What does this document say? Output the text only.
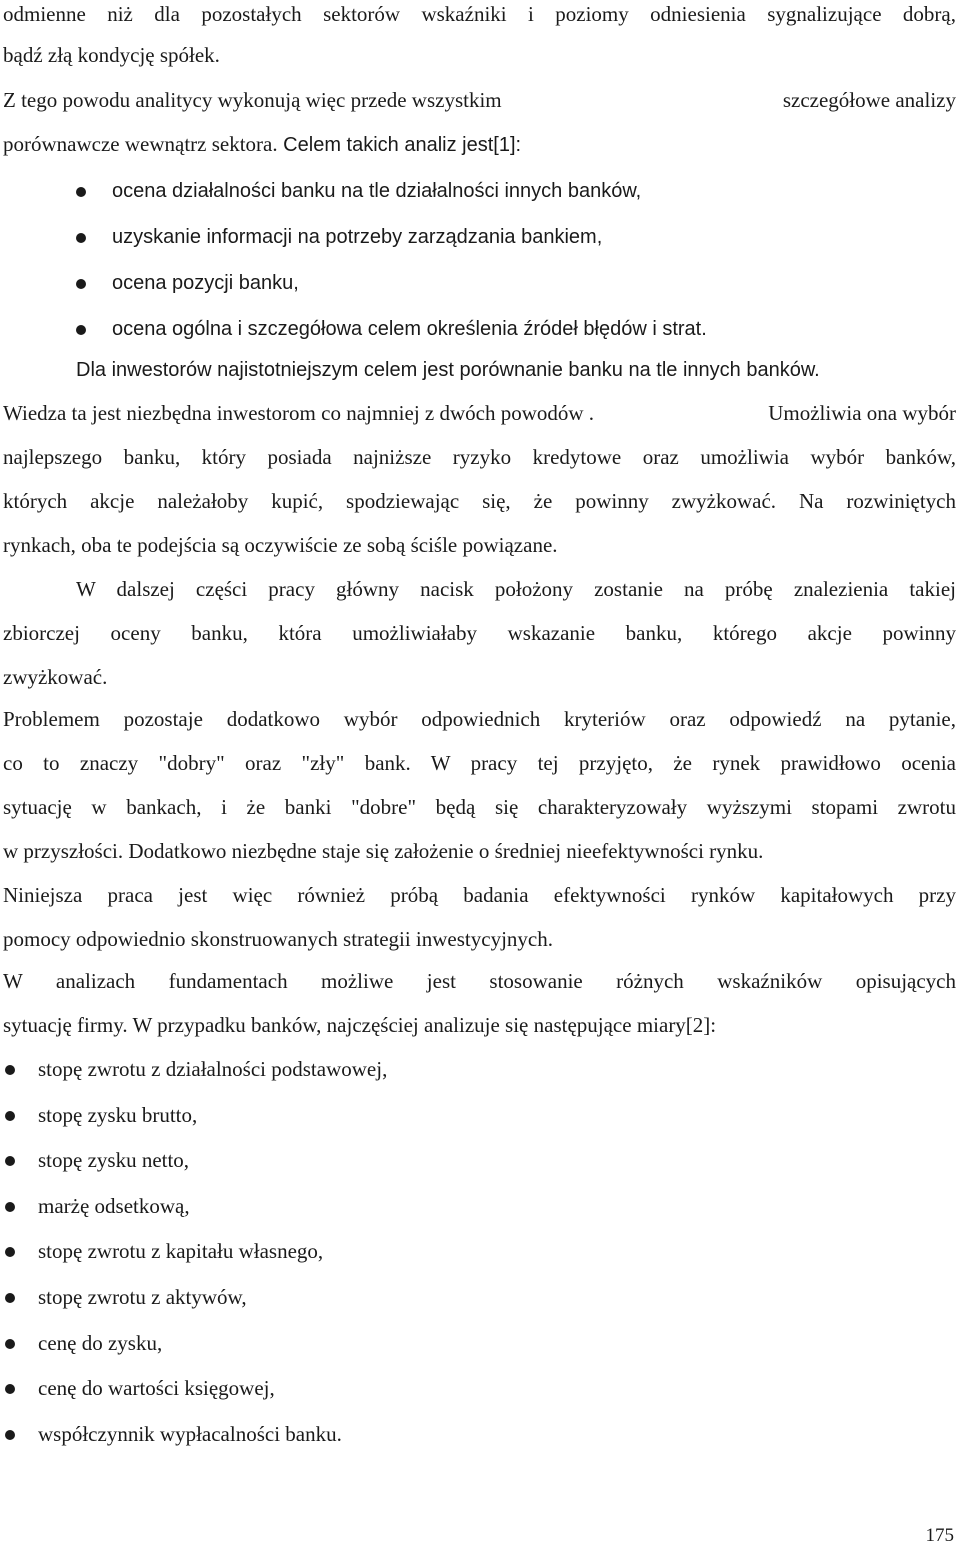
odmienne niż dla pozostałych sektorów wskaźniki i poziomy odniesienia sygnalizujące dobrą,
bądź złą kondycję spółek.
Z tego powodu analitycy wykonują więc przede wszystkim	szczegółowe analizy
porównawcze wewnątrz sektora. Celem takich analiz jest[1]:
ocena działalności banku na tle działalności innych banków,
uzyskanie informacji na potrzeby zarządzania bankiem,
ocena pozycji banku,
ocena ogólna i szczegółowa celem określenia źródeł błędów i strat.
Dla inwestorów najistotniejszym celem jest porównanie banku na tle innych banków.
Wiedza ta jest niezbędna inwestorom co najmniej z dwóch powodów .	Umożliwia ona wybór
najlepszego banku, który posiada najniższe ryzyko kredytowe oraz umożliwia wybór banków,
których akcje należałoby kupić, spodziewając się, że powinny zwyżkować. Na rozwiniętych
rynkach, oba te podejścia są oczywiście ze sobą ściśle powiązane.
W dalszej części pracy główny nacisk położony zostanie na próbę znalezienia takiej
zbiorczej oceny banku, która umożliwiałaby wskazanie banku, którego akcje powinny
zwyżkować.
Problemem pozostaje dodatkowo wybór odpowiednich kryteriów oraz odpowiedź na pytanie,
co to znaczy "dobry" oraz "zły" bank. W pracy tej przyjęto, że rynek prawidłowo ocenia
sytuację w bankach, i że banki "dobre" będą się charakteryzowały wyższymi stopami zwrotu
w przyszłości. Dodatkowo niezbędne staje się założenie o średniej nieefektywności rynku.
Niniejsza praca jest więc również próbą badania efektywności rynków kapitałowych przy
pomocy odpowiednio skonstruowanych strategii inwestycyjnych.
W analizach fundamentach możliwe jest stosowanie różnych wskaźników opisujących
sytuację firmy. W przypadku banków, najczęściej analizuje się następujące miary[2]:
stopę zwrotu z działalności podstawowej,
stopę zysku brutto,
stopę zysku netto,
marżę odsetkową,
stopę zwrotu z kapitału własnego,
stopę zwrotu z aktywów,
cenę do zysku,
cenę do wartości księgowej,
współczynnik wypłacalności banku.
175
